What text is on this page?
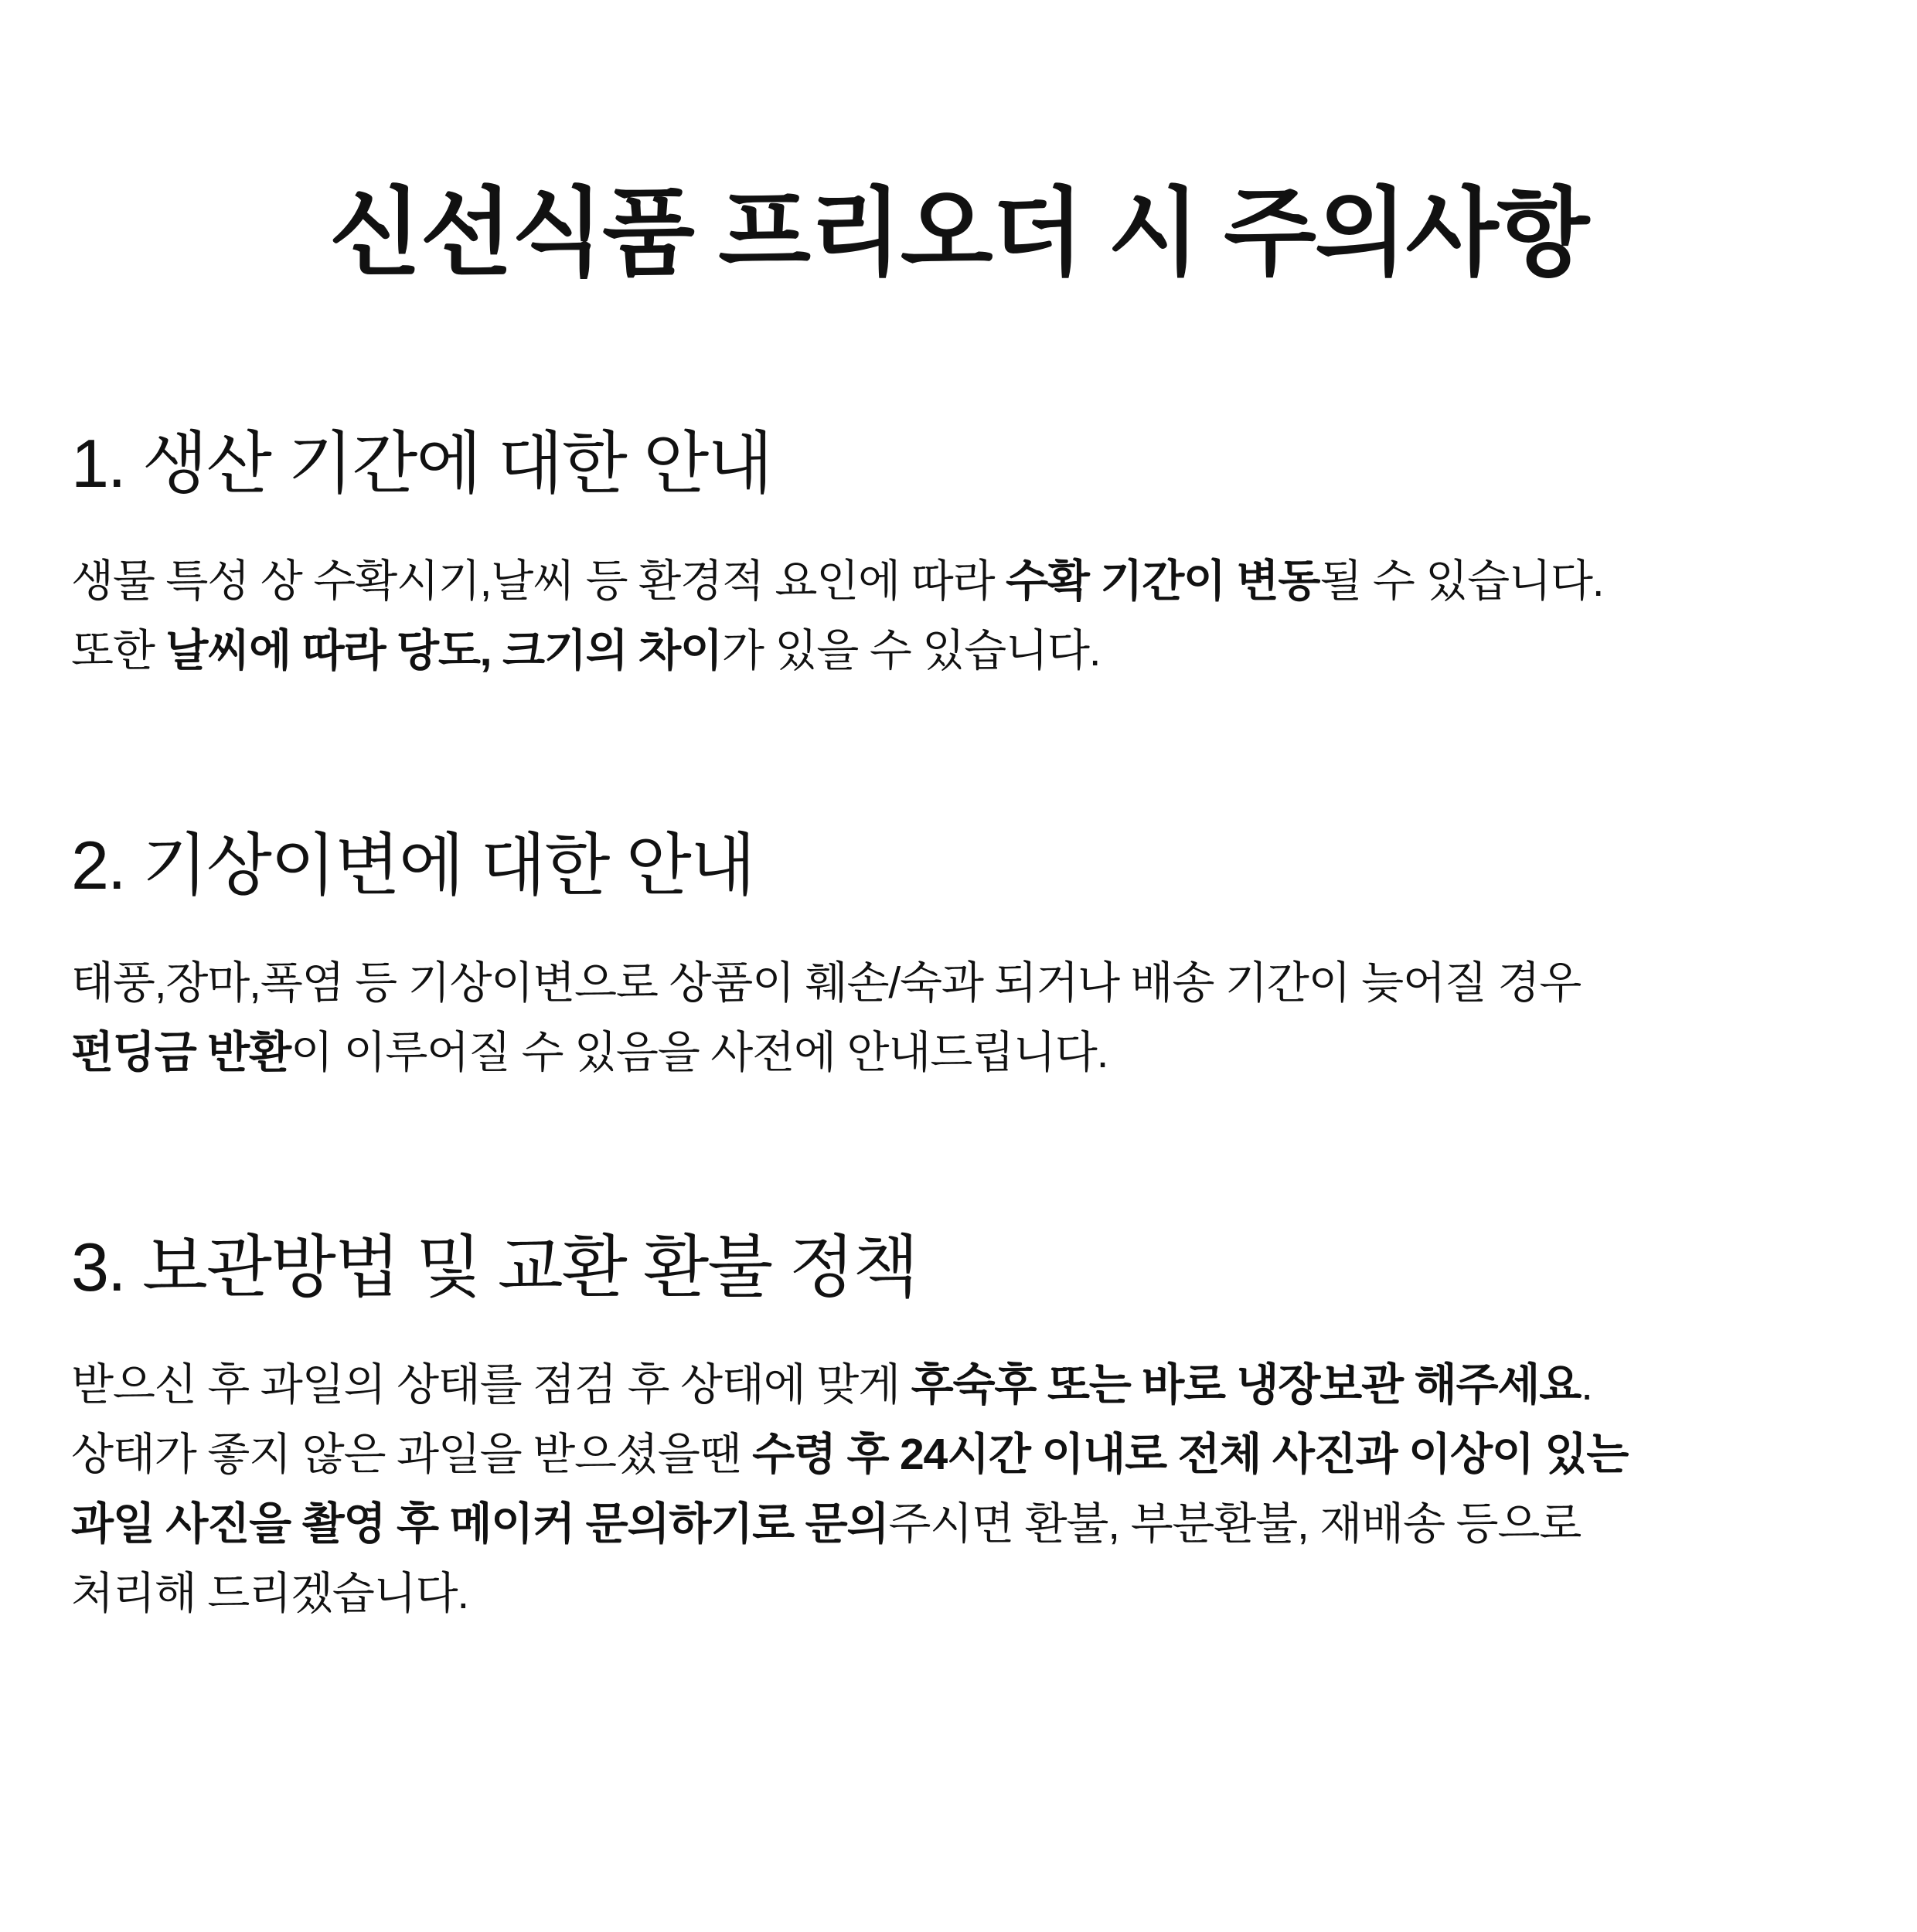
신선식품 프리오더 시 주의사항
1. 생산 기간에 대한 안내

생물 특성 상 수확시기,날씨 등 환경적 요인에 따라 수확 기간이 변동될 수 있습니다.
또한 날씨에 따라 당도, 크기의 차이가 있을 수 있습니다.

2. 기상이변에 대한 안내

태풍,장마,폭염 등 기상이변으로 상품이 훼손/숙과 되거나 배송 기간이 늦어질 경우
펀딩금 반환이 이루어질 수 있음을 사전에 안내드립니다.

3. 보관방법 및 교환 환불 정책

받으신 후 과일의 상태를 점검 후 상태에 맞게 후숙후 또는 바로 냉장보관 해주세요.
상태가 좋지 않은 과일을 받으셨을땐 수령 후 24시간 이내로 전체 사진과 이상이 있는
과일 사진을 촬영 후 메이커 문의하기로 문의주시면 환불, 부분환불, 재배송 등으로
처리해 드리겠습니다.
